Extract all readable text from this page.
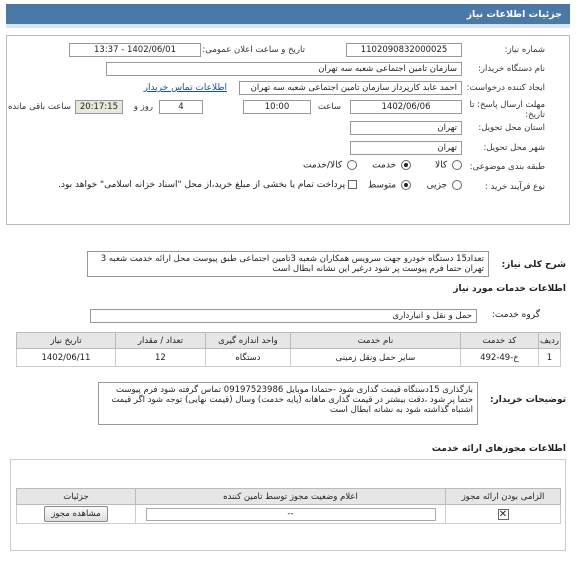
جزئیات اطلاعات نیاز
شماره نیاز:
1102090832000025
تاریخ و ساعت اعلان عمومی:
1402/06/01 - 13:37
نام دستگاه خریدار:
سازمان تامین اجتماعی شعبه سه تهران
ایجاد کننده درخواست:
احمد عابد کارپرداز سازمان تامین اجتماعی شعبه سه تهران
اطلاعات تماس خریدار
مهلت ارسال پاسخ: تا تاریخ:
1402/06/06
ساعت
10:00
4
روز و
20:17:15
ساعت باقی مانده
استان محل تحویل:
تهران
شهر محل تحویل:
تهران
طبقه بندی موضوعی:
کالا
خدمت
کالا/خدمت
نوع فرآیند خرید :
جزیی
متوسط
پرداخت تمام یا بخشی از مبلغ خرید،از محل "اسناد خزانه اسلامی" خواهد بود.
شرح کلی نیاز:
تعداد15 دستگاه خودرو جهت سرویس همکاران شعبه 3تامین اجتماعی طبق پیوست محل ارائه خدمت شعبه 3 تهران حتما فرم پیوست پر شود درغیر این نشانه ابطال است
اطلاعات خدمات مورد نیاز
گروه خدمت:
حمل و نقل و انبارداری
ردیف	کد خدمت	نام خدمت	واحد اندازه گیری	تعداد / مقدار	تاریخ نیاز
1	خ-49-492	سایر حمل ونقل زمینی	دستگاه	12	1402/06/11
توضیحات خریدار:
بارگذاری 15دستگاه قیمت گذاری شود -حتمادا موبایل 09197523986 تماس گرفته شود فرم پیوست حتما پر شود ،دقت بیشتر در قیمت گذاری ماهانه (پایه خدمت) وسال (قیمت نهایی) توجه شود اگر قیمت اشتباه گذاشته شود به نشانه ابطال است
اطلاعات مجوزهای ارائه خدمت
الزامی بودن ارائه مجوز	اعلام وضعیت مجوز توسط تامین کننده	جزئیات
✕	--	مشاهده مجوز
